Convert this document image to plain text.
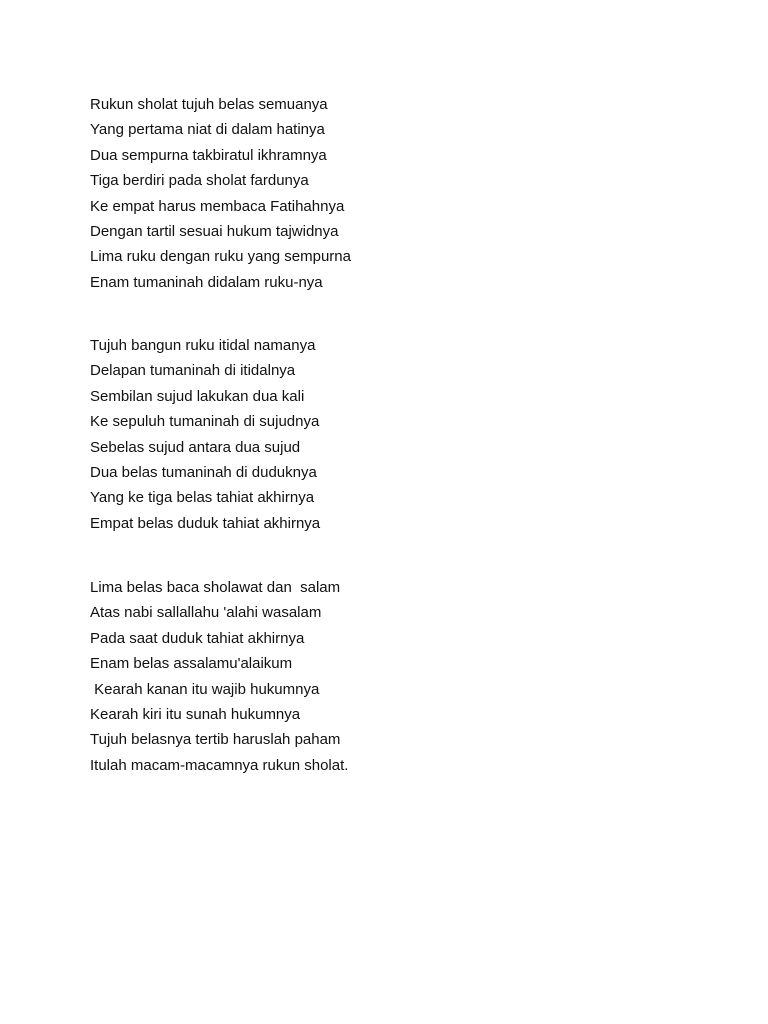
Rukun sholat tujuh belas semuanya
Yang pertama niat di dalam hatinya
Dua sempurna takbiratul ikhramnya
Tiga berdiri pada sholat fardunya
Ke empat harus membaca Fatihahnya
Dengan tartil sesuai hukum tajwidnya
Lima ruku dengan ruku yang sempurna
Enam tumaninah didalam ruku-nya
Tujuh bangun ruku itidal namanya
Delapan tumaninah di itidalnya
Sembilan sujud lakukan dua kali
Ke sepuluh tumaninah di sujudnya
Sebelas sujud antara dua sujud
Dua belas tumaninah di duduknya
Yang ke tiga belas tahiat akhirnya
Empat belas duduk tahiat akhirnya
Lima belas baca sholawat dan  salam
Atas nabi sallallahu 'alahi wasalam
Pada saat duduk tahiat akhirnya
Enam belas assalamu'alaikum
Kearah kanan itu wajib hukumnya
Kearah kiri itu sunah hukumnya
Tujuh belasnya tertib haruslah paham
Itulah macam-macamnya rukun sholat.
